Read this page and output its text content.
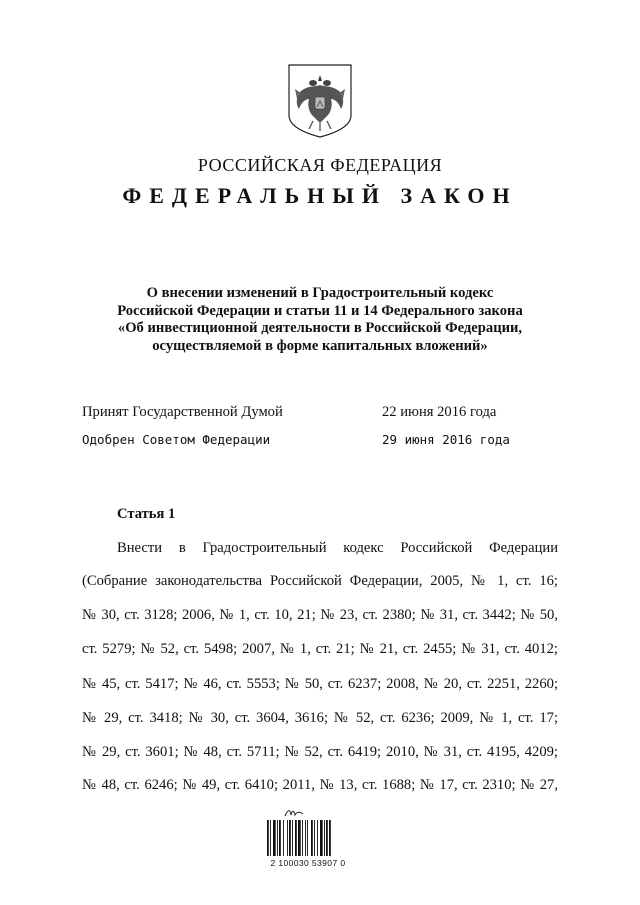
РОССИЙСКАЯ ФЕДЕРАЦИЯ
ФЕДЕРАЛЬНЫЙ ЗАКОН
О внесении изменений в Градостроительный кодекс
Российской Федерации и статьи 11 и 14 Федерального закона
«Об инвестиционной деятельности в Российской Федерации,
осуществляемой в форме капитальных вложений»
Принят Государственной Думой	22 июня 2016 года
Одобрен Советом Федерации	29 июня 2016 года
Статья 1
Внести в Градостроительный кодекс Российской Федерации
(Собрание законодательства Российской Федерации, 2005, № 1, ст. 16;
№ 30, ст. 3128; 2006, № 1, ст. 10, 21; № 23, ст. 2380; № 31, ст. 3442; № 50,
ст. 5279; № 52, ст. 5498; 2007, № 1, ст. 21; № 21, ст. 2455; № 31, ст. 4012;
№ 45, ст. 5417; № 46, ст. 5553; № 50, ст. 6237; 2008, № 20, ст. 2251, 2260;
№ 29, ст. 3418; № 30, ст. 3604, 3616; № 52, ст. 6236; 2009, № 1, ст. 17;
№ 29, ст. 3601; № 48, ст. 5711; № 52, ст. 6419; 2010, № 31, ст. 4195, 4209;
№ 48, ст. 6246; № 49, ст. 6410; 2011, № 13, ст. 1688; № 17, ст. 2310; № 27,
2 100030 53907 0
